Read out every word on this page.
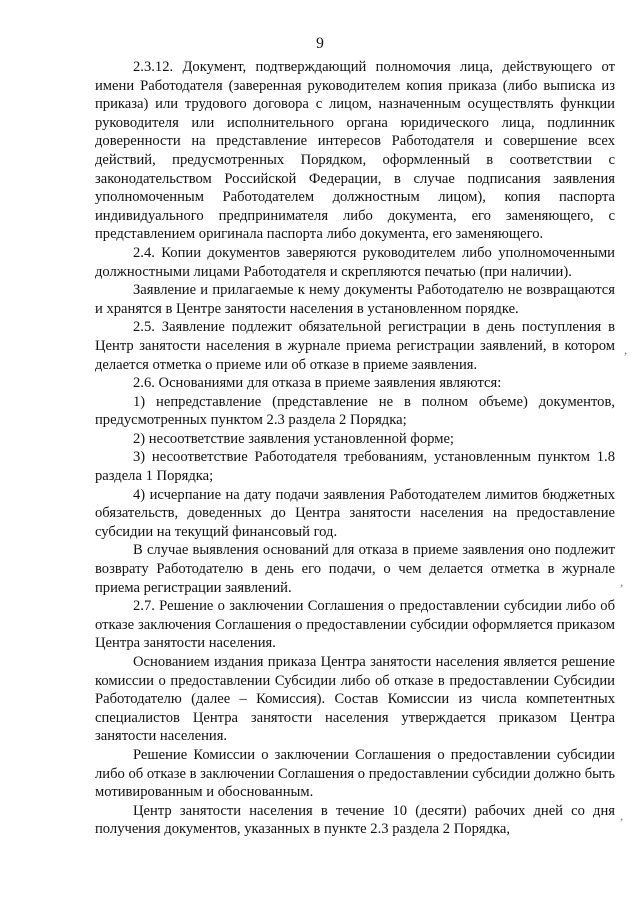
9

2.3.12. Документ, подтверждающий полномочия лица, действующего от имени Работодателя (заверенная руководителем копия приказа (либо выписка из приказа) или трудового договора с лицом, назначенным осуществлять функции руководителя или исполнительного органа юридического лица, подлинник доверенности на представление интересов Работодателя и совершение всех действий, предусмотренных Порядком, оформленный в соответствии с законодательством Российской Федерации, в случае подписания заявления уполномоченным Работодателем должностным лицом), копия паспорта индивидуального предпринимателя либо документа, его заменяющего, с представлением оригинала паспорта либо документа, его заменяющего.

2.4. Копии документов заверяются руководителем либо уполномоченными должностными лицами Работодателя и скрепляются печатью (при наличии).

Заявление и прилагаемые к нему документы Работодателю не возвращаются и хранятся в Центре занятости населения в установленном порядке.

2.5. Заявление подлежит обязательной регистрации в день поступления в Центр занятости населения в журнале приема регистрации заявлений, в котором делается отметка о приеме или об отказе в приеме заявления.

2.6. Основаниями для отказа в приеме заявления являются:

1) непредставление (представление не в полном объеме) документов, предусмотренных пунктом 2.3 раздела 2 Порядка;

2) несоответствие заявления установленной форме;

3) несоответствие Работодателя требованиям, установленным пунктом 1.8 раздела 1 Порядка;

4) исчерпание на дату подачи заявления Работодателем лимитов бюджетных обязательств, доведенных до Центра занятости населения на предоставление субсидии на текущий финансовый год.

В случае выявления оснований для отказа в приеме заявления оно подлежит возврату Работодателю в день его подачи, о чем делается отметка в журнале приема регистрации заявлений.

2.7. Решение о заключении Соглашения о предоставлении субсидии либо об отказе заключения Соглашения о предоставлении субсидии оформляется приказом Центра занятости населения.

Основанием издания приказа Центра занятости населения является решение комиссии о предоставлении Субсидии либо об отказе в предоставлении Субсидии Работодателю (далее – Комиссия). Состав Комиссии из числа компетентных специалистов Центра занятости населения утверждается приказом Центра занятости населения.

Решение Комиссии о заключении Соглашения о предоставлении субсидии либо об отказе в заключении Соглашения о предоставлении субсидии должно быть мотивированным и обоснованным.

Центр занятости населения в течение 10 (десяти) рабочих дней со дня получения документов, указанных в пункте 2.3 раздела 2 Порядка,

,
,
,
